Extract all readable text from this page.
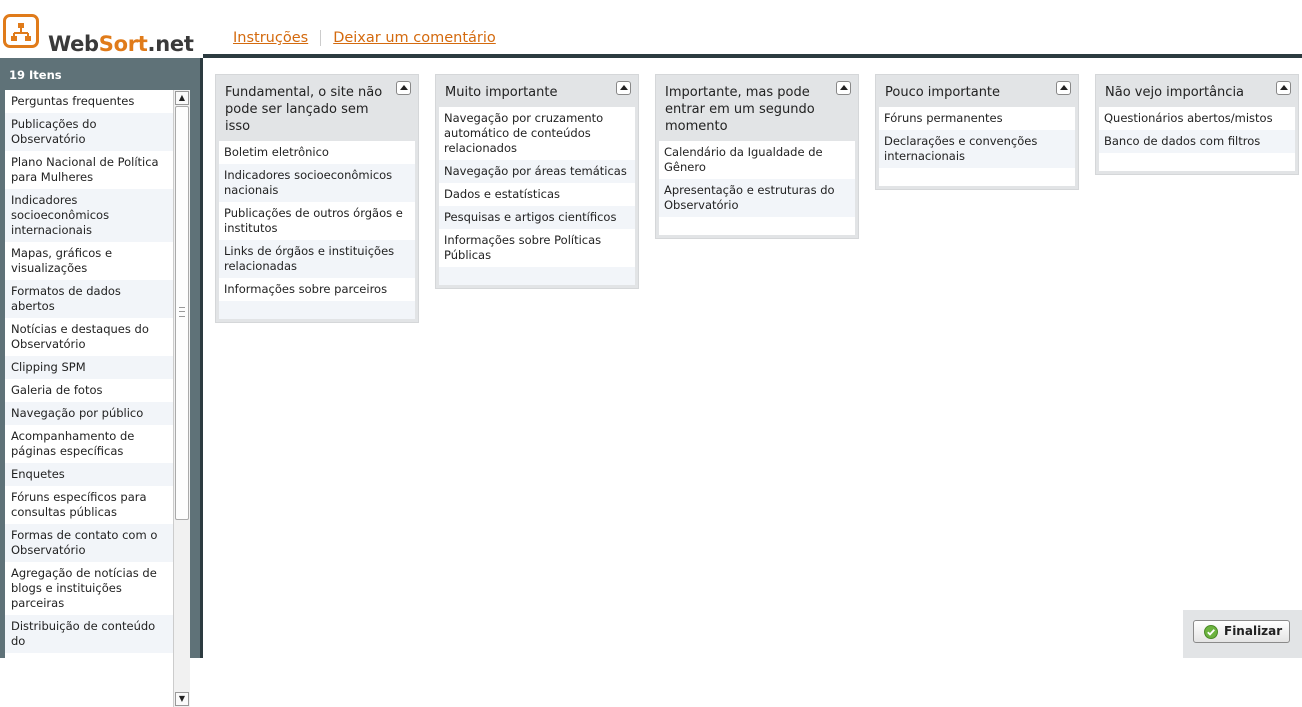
WebSort.net	Instruções Deixar um comentário
19 Itens
Perguntas frequentes
Publicações do Observatório
Plano Nacional de Política para Mulheres
Indicadores socioeconômicos internacionais
Mapas, gráficos e visualizações
Formatos de dados abertos
Notícias e destaques do Observatório
Clipping SPM
Galeria de fotos
Navegação por público
Acompanhamento de páginas específicas
Enquetes
Fóruns específicos para consultas públicas
Formas de contato com o Observatório
Agregação de notícias de blogs e instituições parceiras
Distribuição de conteúdo do
▲
▼
Fundamental, o site não pode ser lançado sem isso
Boletim eletrônico
Indicadores socioeconômicos nacionais
Publicações de outros órgãos e institutos
Links de órgãos e instituições relacionadas
Informações sobre parceiros
Muito importante
Navegação por cruzamento automático de conteúdos relacionados
Navegação por áreas temáticas
Dados e estatísticas
Pesquisas e artigos científicos
Informações sobre Políticas Públicas
Importante, mas pode entrar em um segundo momento
Calendário da Igualdade de Gênero
Apresentação e estruturas do Observatório
Pouco importante
Fóruns permanentes
Declarações e convenções internacionais
Não vejo importância
Questionários abertos/mistos
Banco de dados com filtros
Finalizar
